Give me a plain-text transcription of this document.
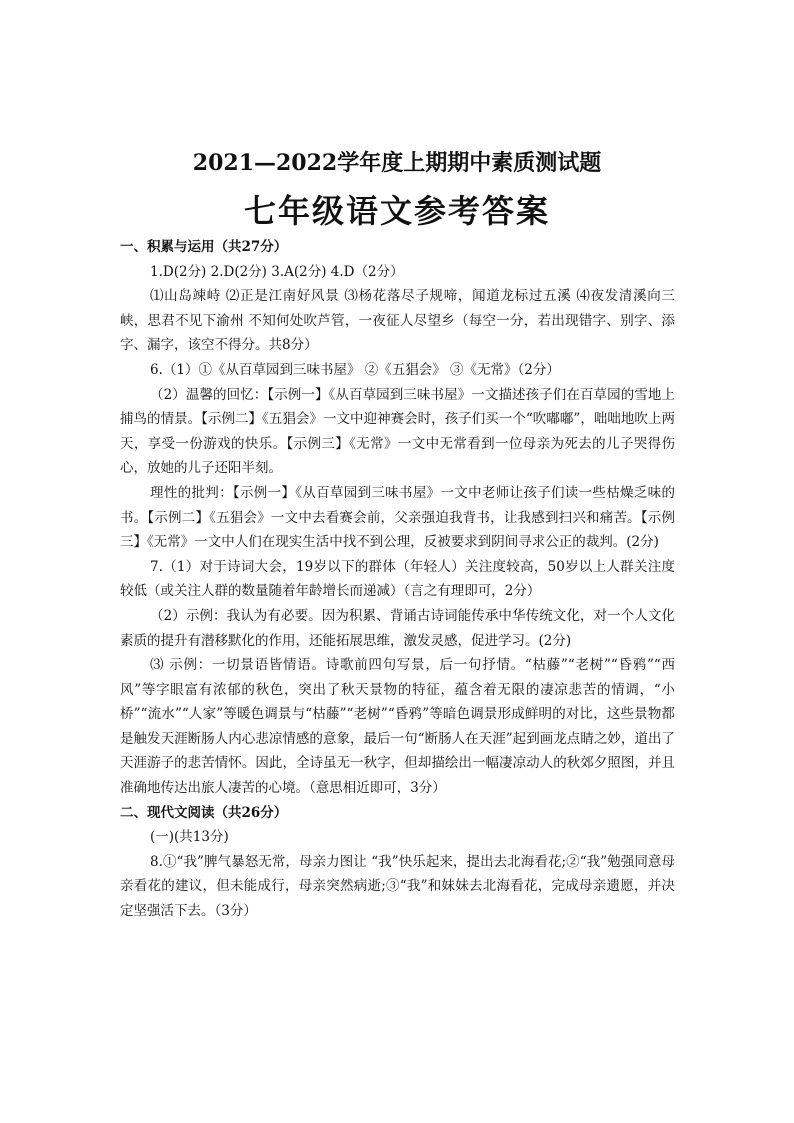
2021—2022学年度上期期中素质测试题
七年级语文参考答案

一、积累与运用（共27分）

1.D(2分) 2.D(2分) 3.A(2分) 4.D（2分）

⑴山岛竦峙 ⑵正是江南好风景 ⑶杨花落尽子规啼，闻道龙标过五溪 ⑷夜发清溪向三峡，思君不见下渝州 不知何处吹芦管，一夜征人尽望乡（每空一分，若出现错字、别字、添字、漏字，该空不得分。共8分）

6.（1）①《从百草园到三味书屋》 ②《五猖会》 ③《无常》（2分）

（2）温馨的回忆：【示例一】《从百草园到三味书屋》一文描述孩子们在百草园的雪地上捕鸟的情景。【示例二】《五猖会》一文中迎神赛会时，孩子们买一个“吹嘟嘟”，咄咄地吹上两天，享受一份游戏的快乐。【示例三】《无常》一文中无常看到一位母亲为死去的儿子哭得伤心，放她的儿子还阳半刻。

理性的批判：【示例一】《从百草园到三味书屋》一文中老师让孩子们读一些枯燥乏味的书。【示例二】《五猖会》一文中去看赛会前，父亲强迫我背书，让我感到扫兴和痛苦。【示例三】《无常》一文中人们在现实生活中找不到公理，反被要求到阴间寻求公正的裁判。(2分)

7.（1）对于诗词大会，19岁以下的群体（年轻人）关注度较高，50岁以上人群关注度较低（或关注人群的数量随着年龄增长而递减）（言之有理即可，2分）

（2）示例：我认为有必要。因为积累、背诵古诗词能传承中华传统文化，对一个人文化素质的提升有潜移默化的作用，还能拓展思维，激发灵感，促进学习。(2分)

⑶ 示例：一切景语皆情语。诗歌前四句写景，后一句抒情。“枯藤”“老树”“昏鸦”“西风”等字眼富有浓郁的秋色，突出了秋天景物的特征，蕴含着无限的凄凉悲苦的情调，“小桥”“流水”“人家”等暖色调景与“枯藤”“老树”“昏鸦”等暗色调景形成鲜明的对比，这些景物都是触发天涯断肠人内心悲凉情感的意象，最后一句“断肠人在天涯”起到画龙点睛之妙，道出了天涯游子的悲苦情怀。因此，全诗虽无一秋字，但却描绘出一幅凄凉动人的秋郊夕照图，并且准确地传达出旅人凄苦的心境。（意思相近即可，3分）

二、现代文阅读（共26分）

(一)(共13分)

8.①“我”脾气暴怒无常，母亲力图让 “我”快乐起来，提出去北海看花;②“我”勉强同意母亲看花的建议，但未能成行，母亲突然病逝;③“我”和妹妹去北海看花，完成母亲遗愿，并决定坚强活下去。（3分）
